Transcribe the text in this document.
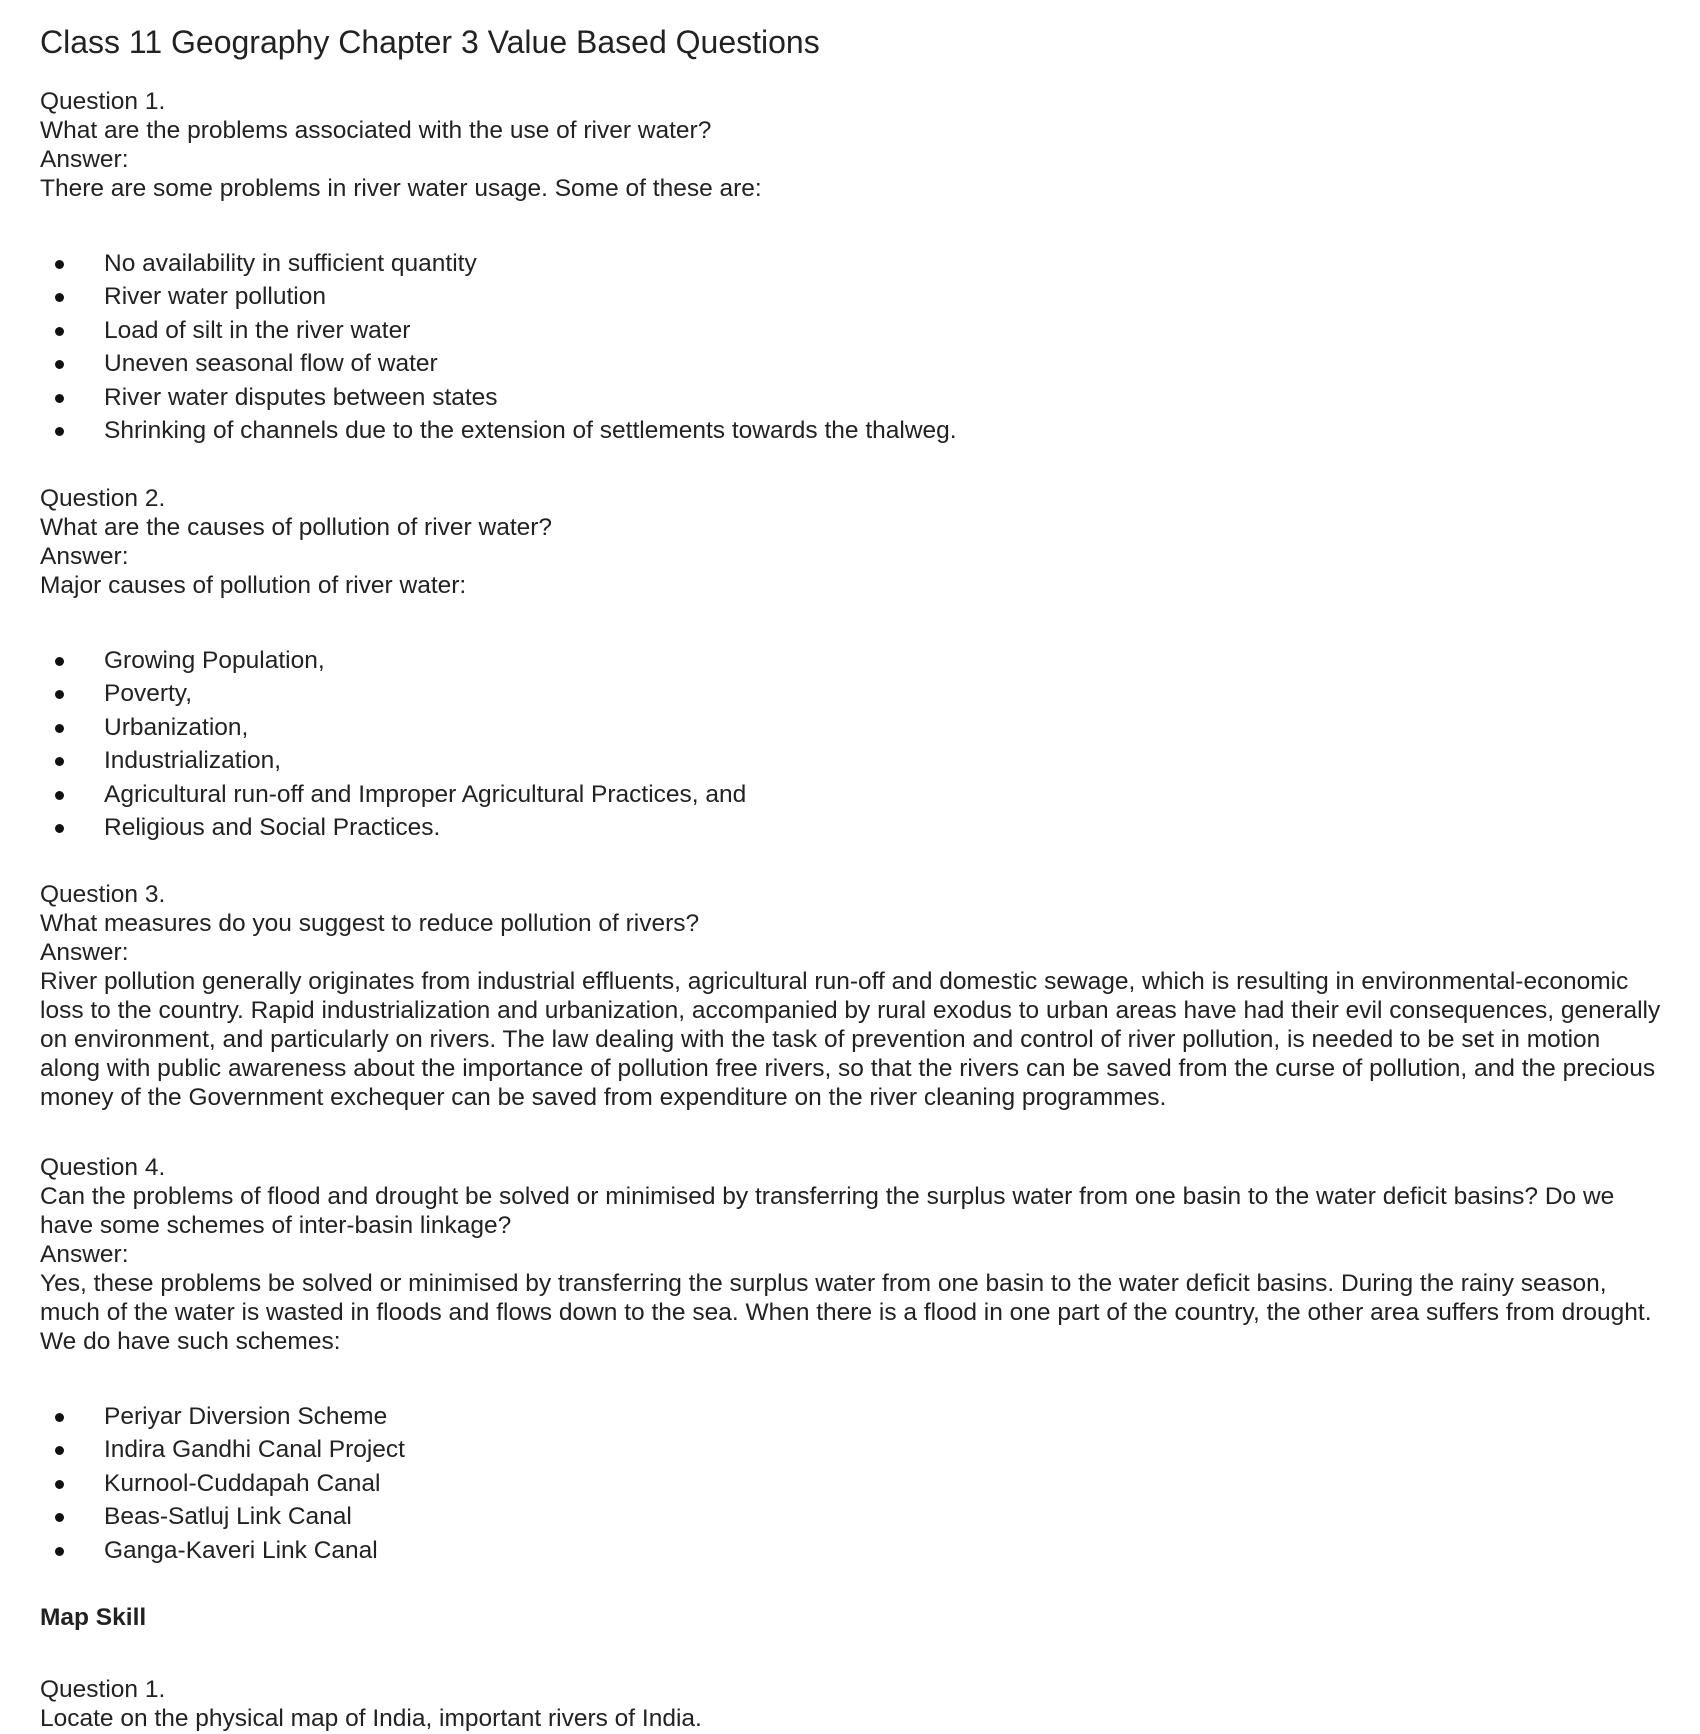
Class 11 Geography Chapter 3 Value Based Questions

Question 1.

What are the problems associated with the use of river water?

Answer:

There are some problems in river water usage. Some of these are:

No availability in sufficient quantity
River water pollution
Load of silt in the river water
Uneven seasonal flow of water
River water disputes between states
Shrinking of channels due to the extension of settlements towards the thalweg.

Question 2.

What are the causes of pollution of river water?

Answer:

Major causes of pollution of river water:

Growing Population,
Poverty,
Urbanization,
Industrialization,
Agricultural run-off and Improper Agricultural Practices, and
Religious and Social Practices.

Question 3.

What measures do you suggest to reduce pollution of rivers?

Answer:

River pollution generally originates from industrial effluents, agricultural run-off and domestic sewage, which is resulting in environmental-economic loss to the country. Rapid industrialization and urbanization, accompanied by rural exodus to urban areas have had their evil consequences, generally on environment, and particularly on rivers. The law dealing with the task of prevention and control of river pollution, is needed to be set in motion along with public awareness about the importance of pollution free rivers, so that the rivers can be saved from the curse of pollution, and the precious money of the Government exchequer can be saved from expenditure on the river cleaning programmes.

Question 4.

Can the problems of flood and drought be solved or minimised by transferring the surplus water from one basin to the water deficit basins? Do we have some schemes of inter-basin linkage?

Answer:

Yes, these problems be solved or minimised by transferring the surplus water from one basin to the water deficit basins. During the rainy season, much of the water is wasted in floods and flows down to the sea. When there is a flood in one part of the country, the other area suffers from drought. We do have such schemes:

Periyar Diversion Scheme
Indira Gandhi Canal Project
Kurnool-Cuddapah Canal
Beas-Satluj Link Canal
Ganga-Kaveri Link Canal
Map Skill

Question 1.

Locate on the physical map of India, important rivers of India.
